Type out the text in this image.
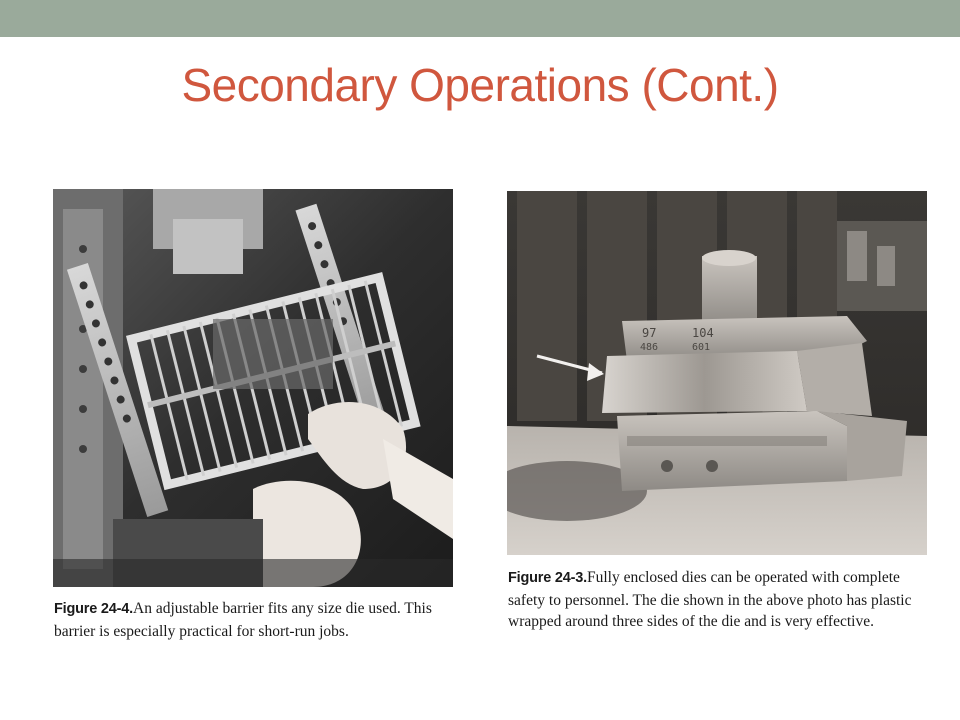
Secondary Operations (Cont.)
97
486
104
601
Figure 24-4.An adjustable barrier fits any size die used. This barrier is especially practical for short-run jobs.
Figure 24-3.Fully enclosed dies can be operated with complete safety to personnel. The die shown in the above photo has plastic wrapped around three sides of the die and is very effective.
